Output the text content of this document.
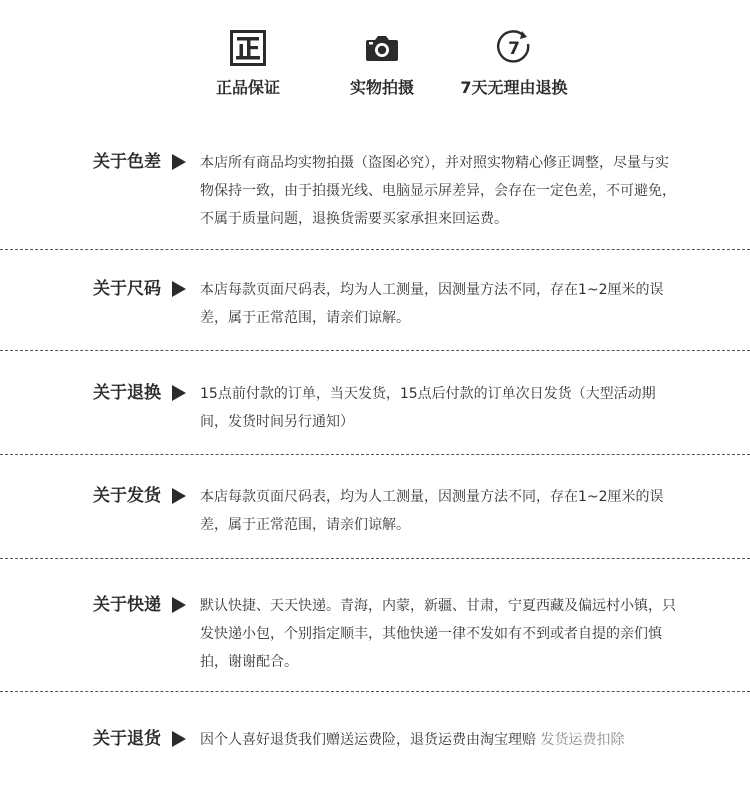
正品保证	实物拍摄
7
7天无理由退换
关于色差	本店所有商品均实物拍摄（盗图必究），并对照实物精心修正调整，尽量与实物保持一致，由于拍摄光线、电脑显示屏差异，会存在一定色差，不可避免，不属于质量问题，退换货需要买家承担来回运费。
关于尺码	本店每款页面尺码表，均为人工测量，因测量方法不同，存在1~2厘米的误差，属于正常范围，请亲们谅解。
关于退换	15点前付款的订单，当天发货，15点后付款的订单次日发货（大型活动期间，发货时间另行通知）
关于发货	本店每款页面尺码表，均为人工测量，因测量方法不同，存在1~2厘米的误差，属于正常范围，请亲们谅解。
关于快递	默认快捷、天天快递。青海，内蒙，新疆、甘肃，宁夏西藏及偏远村小镇，只发快递小包，个别指定顺丰，其他快递一律不发如有不到或者自提的亲们慎拍，谢谢配合。
关于退货	因个人喜好退货我们赠送运费险，退货运费由淘宝理赔 发货运费扣除
